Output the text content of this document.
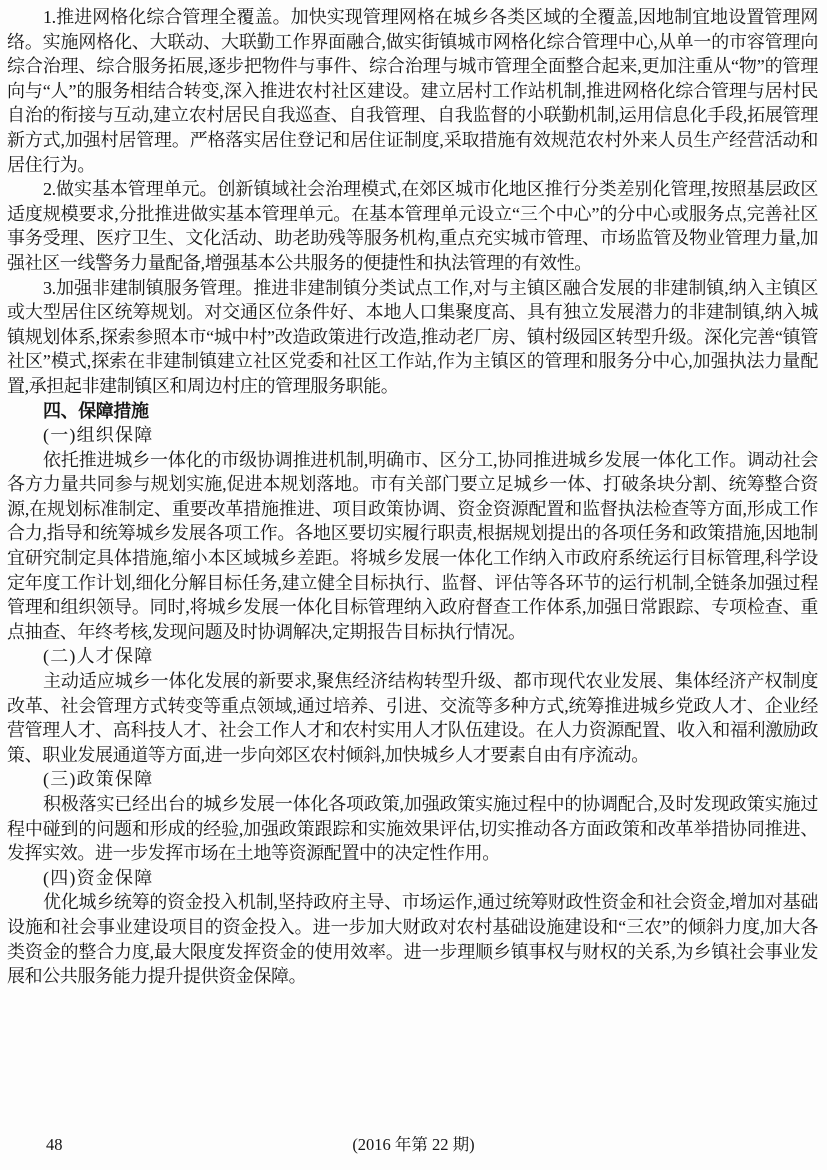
1.推进网格化综合管理全覆盖。加快实现管理网格在城乡各类区域的全覆盖,因地制宜地设置管理网络。实施网格化、大联动、大联勤工作界面融合,做实街镇城市网格化综合管理中心,从单一的市容管理向综合治理、综合服务拓展,逐步把物件与事件、综合治理与城市管理全面整合起来,更加注重从“物”的管理向与“人”的服务相结合转变,深入推进农村社区建设。建立居村工作站机制,推进网格化综合管理与居村民自治的衔接与互动,建立农村居民自我巡查、自我管理、自我监督的小联勤机制,运用信息化手段,拓展管理新方式,加强村居管理。严格落实居住登记和居住证制度,采取措施有效规范农村外来人员生产经营活动和居住行为。

2.做实基本管理单元。创新镇域社会治理模式,在郊区城市化地区推行分类差别化管理,按照基层政区适度规模要求,分批推进做实基本管理单元。在基本管理单元设立“三个中心”的分中心或服务点,完善社区事务受理、医疗卫生、文化活动、助老助残等服务机构,重点充实城市管理、市场监管及物业管理力量,加强社区一线警务力量配备,增强基本公共服务的便捷性和执法管理的有效性。

3.加强非建制镇服务管理。推进非建制镇分类试点工作,对与主镇区融合发展的非建制镇,纳入主镇区或大型居住区统筹规划。对交通区位条件好、本地人口集聚度高、具有独立发展潜力的非建制镇,纳入城镇规划体系,探索参照本市“城中村”改造政策进行改造,推动老厂房、镇村级园区转型升级。深化完善“镇管社区”模式,探索在非建制镇建立社区党委和社区工作站,作为主镇区的管理和服务分中心,加强执法力量配置,承担起非建制镇区和周边村庄的管理服务职能。

四、保障措施

(一)组织保障

依托推进城乡一体化的市级协调推进机制,明确市、区分工,协同推进城乡发展一体化工作。调动社会各方力量共同参与规划实施,促进本规划落地。市有关部门要立足城乡一体、打破条块分割、统筹整合资源,在规划标准制定、重要改革措施推进、项目政策协调、资金资源配置和监督执法检查等方面,形成工作合力,指导和统筹城乡发展各项工作。各地区要切实履行职责,根据规划提出的各项任务和政策措施,因地制宜研究制定具体措施,缩小本区域城乡差距。将城乡发展一体化工作纳入市政府系统运行目标管理,科学设定年度工作计划,细化分解目标任务,建立健全目标执行、监督、评估等各环节的运行机制,全链条加强过程管理和组织领导。同时,将城乡发展一体化目标管理纳入政府督查工作体系,加强日常跟踪、专项检查、重点抽查、年终考核,发现问题及时协调解决,定期报告目标执行情况。

(二)人才保障

主动适应城乡一体化发展的新要求,聚焦经济结构转型升级、都市现代农业发展、集体经济产权制度改革、社会管理方式转变等重点领域,通过培养、引进、交流等多种方式,统筹推进城乡党政人才、企业经营管理人才、高科技人才、社会工作人才和农村实用人才队伍建设。在人力资源配置、收入和福利激励政策、职业发展通道等方面,进一步向郊区农村倾斜,加快城乡人才要素自由有序流动。

(三)政策保障

积极落实已经出台的城乡发展一体化各项政策,加强政策实施过程中的协调配合,及时发现政策实施过程中碰到的问题和形成的经验,加强政策跟踪和实施效果评估,切实推动各方面政策和改革举措协同推进、发挥实效。进一步发挥市场在土地等资源配置中的决定性作用。

(四)资金保障

优化城乡统筹的资金投入机制,坚持政府主导、市场运作,通过统筹财政性资金和社会资金,增加对基础设施和社会事业建设项目的资金投入。进一步加大财政对农村基础设施建设和“三农”的倾斜力度,加大各类资金的整合力度,最大限度发挥资金的使用效率。进一步理顺乡镇事权与财权的关系,为乡镇社会事业发展和公共服务能力提升提供资金保障。

48	(2016 年第 22 期)
